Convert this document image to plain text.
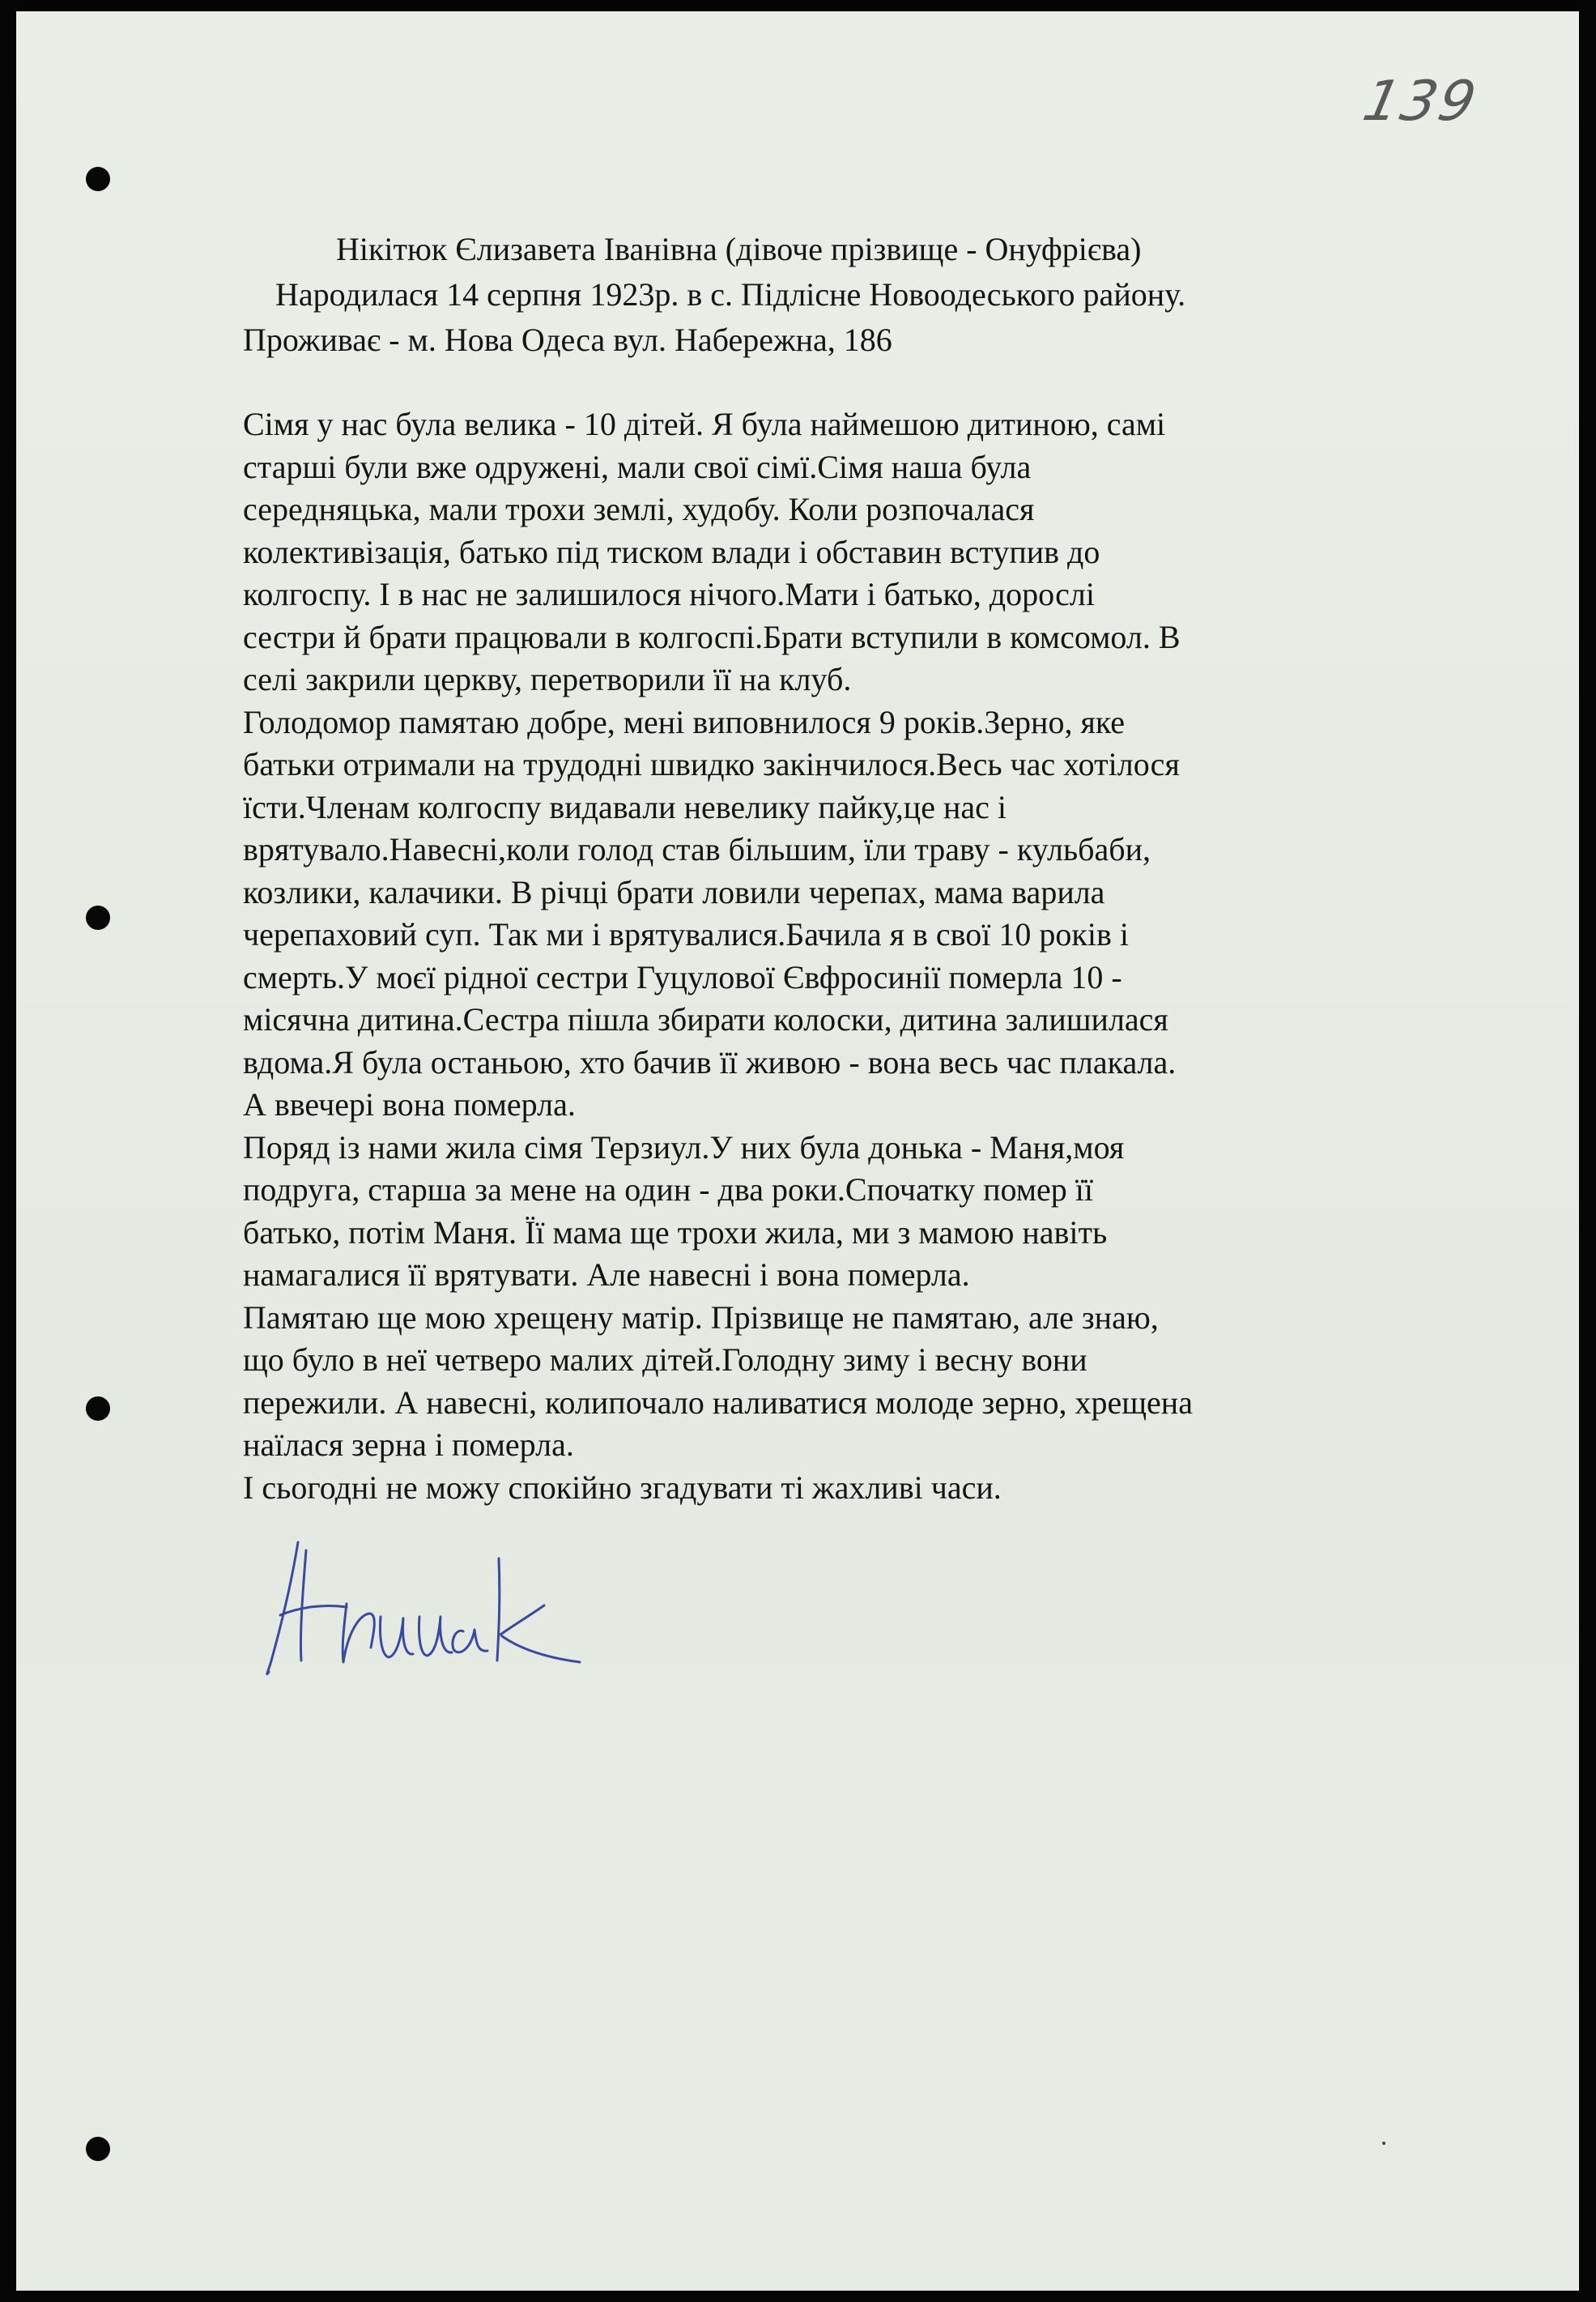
139
Нікітюк Єлизавета Іванівна (дівоче прізвище - Онуфрієва)
Народилася 14 серпня 1923р. в с. Підлісне Новоодеського району.
Проживає - м. Нова Одеса вул. Набережна, 186
Сімя у нас була велика - 10 дітей. Я була наймешою дитиною, самі
старші були вже одружені, мали свої сімї.Сімя наша була
середняцька, мали трохи землі, худобу. Коли розпочалася
колективізація, батько під тиском влади і обставин вступив до
колгоспу. І в нас не залишилося нічого.Мати і батько, дорослі
сестри й брати працювали в колгоспі.Брати вступили в комсомол. В
селі закрили церкву, перетворили її на клуб.
Голодомор памятаю добре, мені виповнилося 9 років.Зерно, яке
батьки отримали на трудодні швидко закінчилося.Весь час хотілося
їсти.Членам колгоспу видавали невелику пайку,це нас і
врятувало.Навесні,коли голод став більшим, їли траву - кульбаби,
козлики, калачики. В річці брати ловили черепах, мама варила
черепаховий суп. Так ми і врятувалися.Бачила я в свої 10 років і
смерть.У моєї рідної сестри Гуцулової Євфросинії померла 10 -
місячна дитина.Сестра пішла збирати колоски, дитина залишилася
вдома.Я була останьою, хто бачив її живою - вона весь час плакала.
А ввечері вона померла.
Поряд із нами жила сімя Терзиул.У них була донька - Маня,моя
подруга, старша за мене на один - два роки.Спочатку помер її
батько, потім Маня. Її мама ще трохи жила, ми з мамою навіть
намагалися її врятувати. Але навесні і вона померла.
Памятаю ще мою хрещену матір. Прізвище не памятаю, але знаю,
що було в неї четверо малих дітей.Голодну зиму і весну вони
пережили. А навесні, колипочало наливатися молоде зерно, хрещена
наїлася зерна і померла.
І сьогодні не можу спокійно згадувати ті жахливі часи.
